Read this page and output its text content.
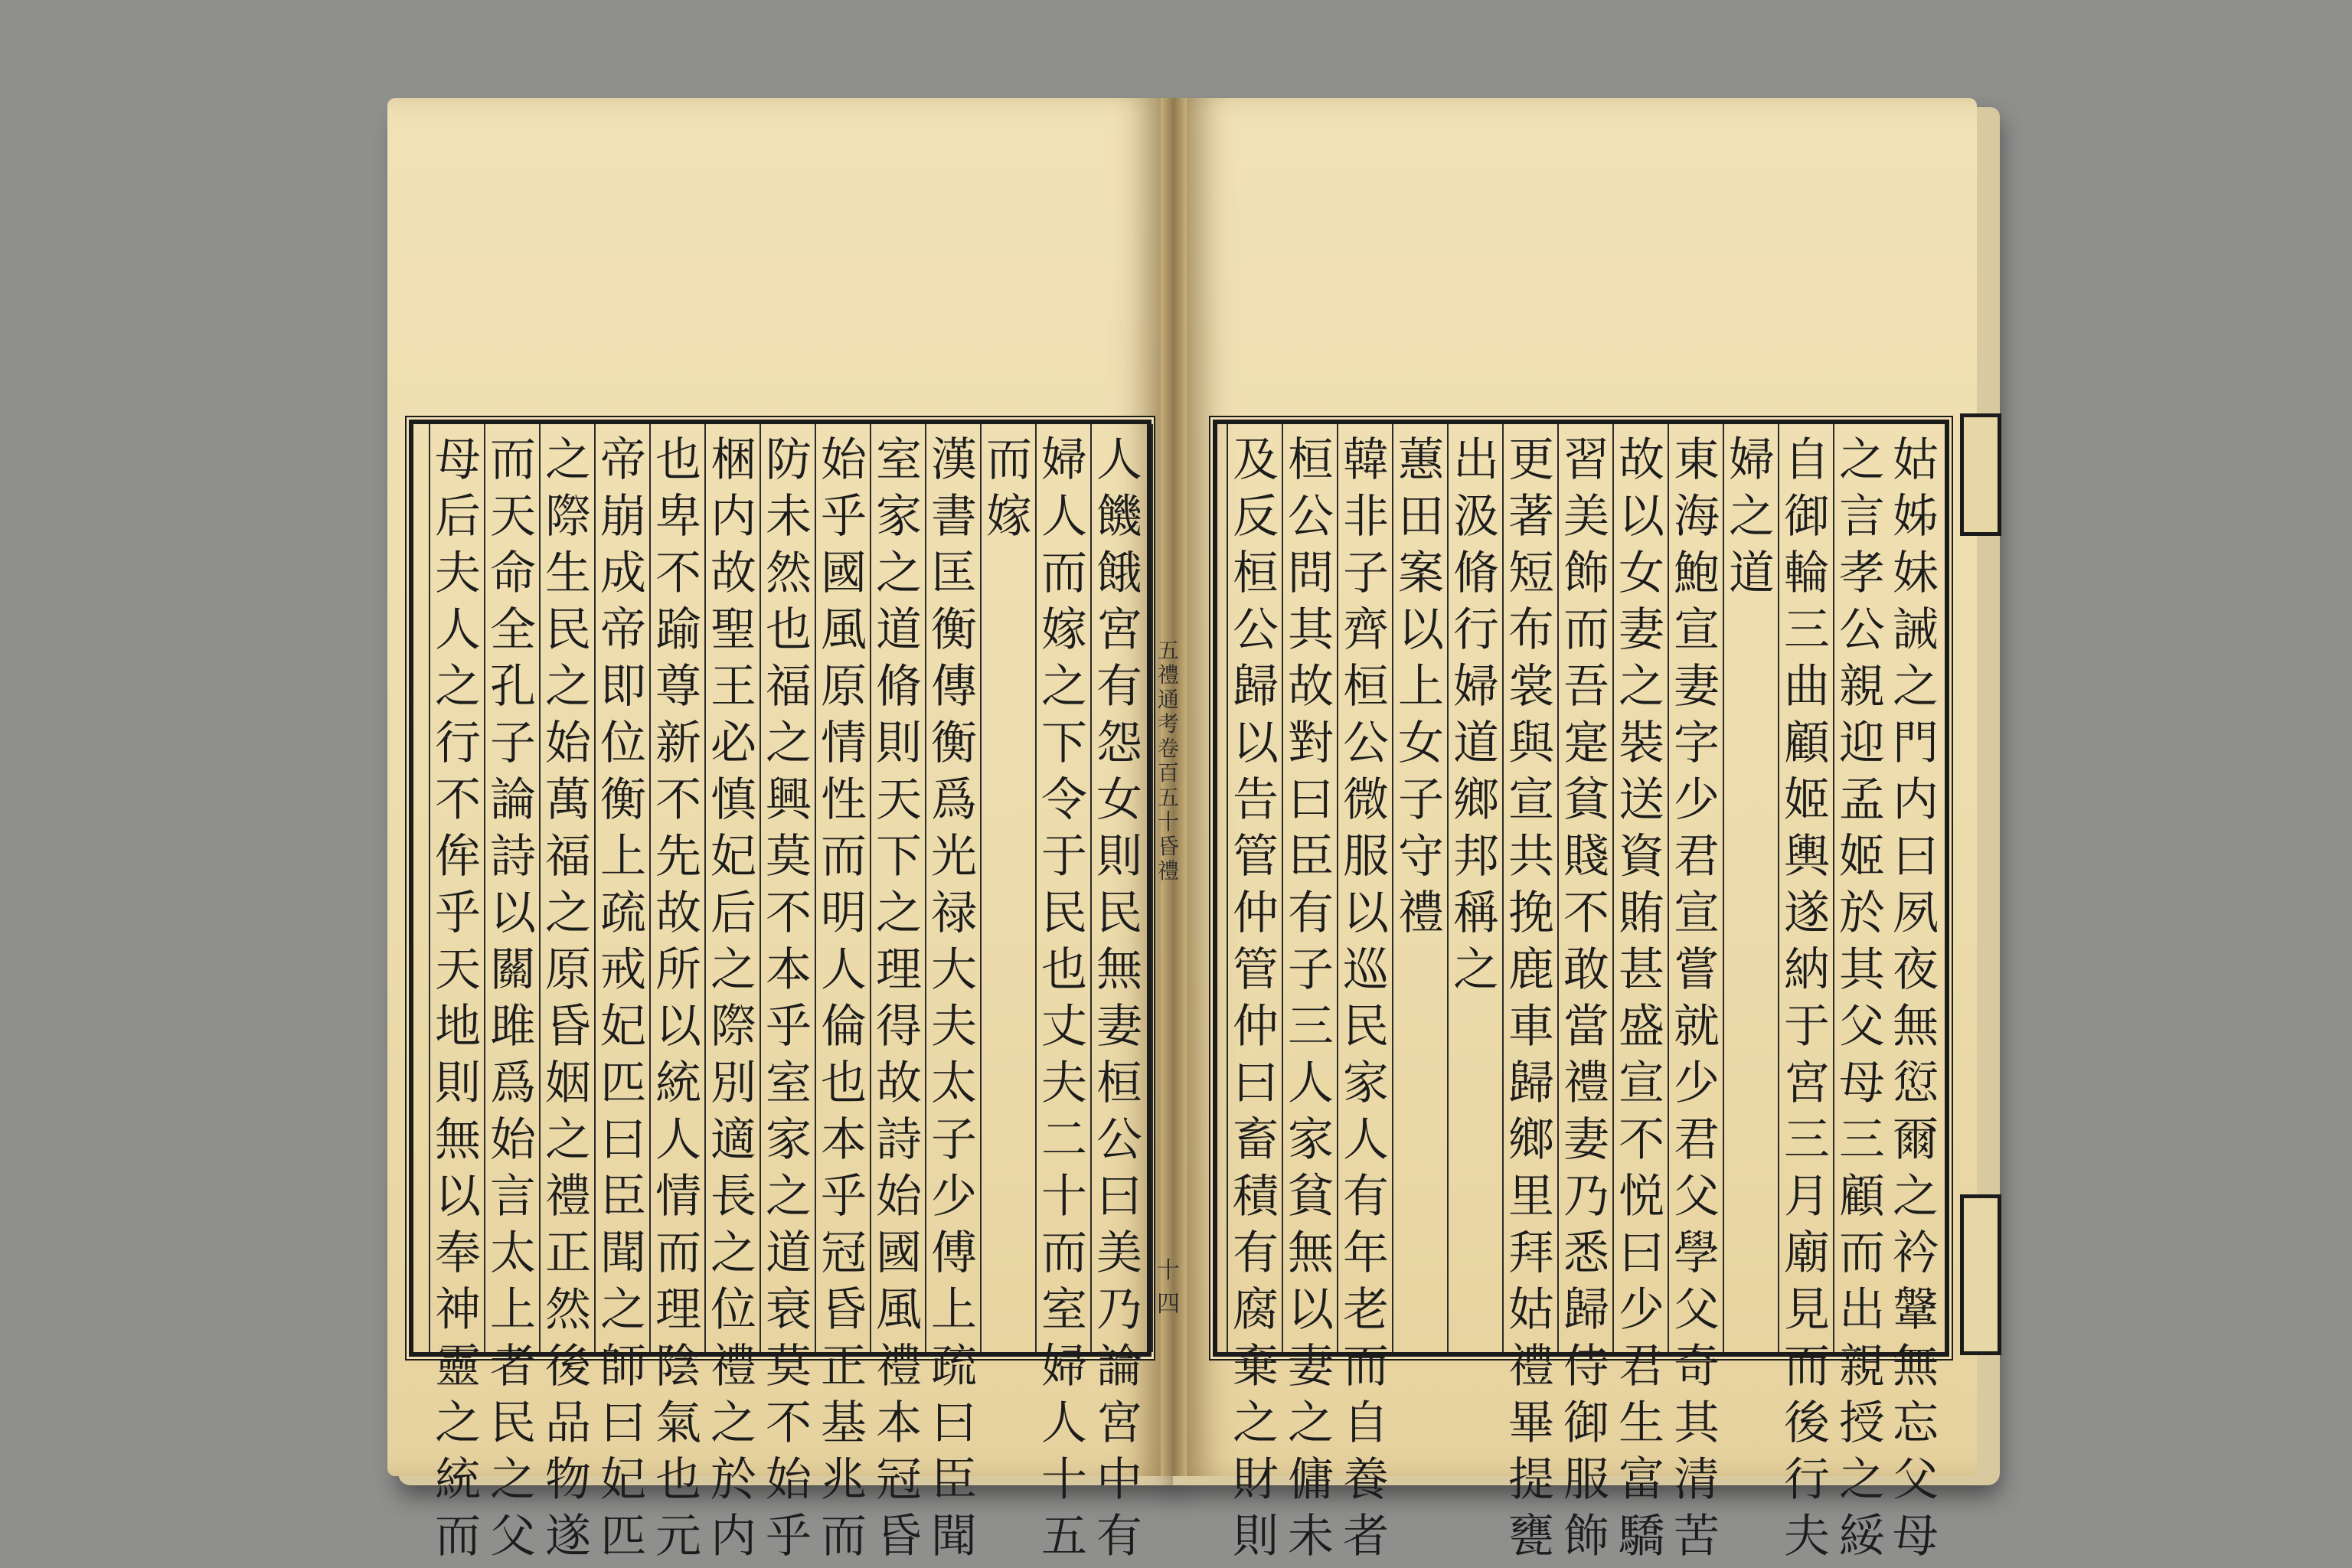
五禮通考卷百五十昏禮
十四
人饑餓宮有怨女則民無妻桓公曰美乃論宮中有
婦人而嫁之下令于民也丈夫二十而室婦人十五
而嫁
漢書匡衡傳衡爲光禄大夫太子少傅上疏曰臣聞
室家之道脩則天下之理得故詩始國風禮本冠昏
始乎國風原情性而明人倫也本乎冠昏正基兆而
防未然也福之興莫不本乎室家之道衰莫不始乎
梱内故聖王必慎妃后之際別適長之位禮之於内
也卑不踰尊新不先故所以統人情而理陰氣也元
帝崩成帝即位衡上疏戒妃匹曰臣聞之師曰妃匹
之際生民之始萬福之原昏姻之禮正然後品物遂
而天命全孔子論詩以關雎爲始言太上者民之父
母后夫人之行不侔乎天地則無以奉神靈之統而
姑姊妹誡之門内曰夙夜無愆爾之衿鞶無忘父母
之言孝公親迎孟姬於其父母三顧而出親授之綏
自御輪三曲顧姬輿遂納于宮三月廟見而後行夫
婦之道
東海鮑宣妻字少君宣嘗就少君父學父奇其清苦
故以女妻之裝送資賄甚盛宣不悦曰少君生富驕
習美飾而吾寔貧賤不敢當禮妻乃悉歸侍御服飾
更著短布裳與宣共挽鹿車歸鄉里拜姑禮畢提甕
出汲脩行婦道鄉邦稱之
蕙田案以上女子守禮
韓非子齊桓公微服以巡民家人有年老而自養者
桓公問其故對曰臣有子三人家貧無以妻之傭未
及反桓公歸以告管仲管仲曰畜積有腐棄之財則
